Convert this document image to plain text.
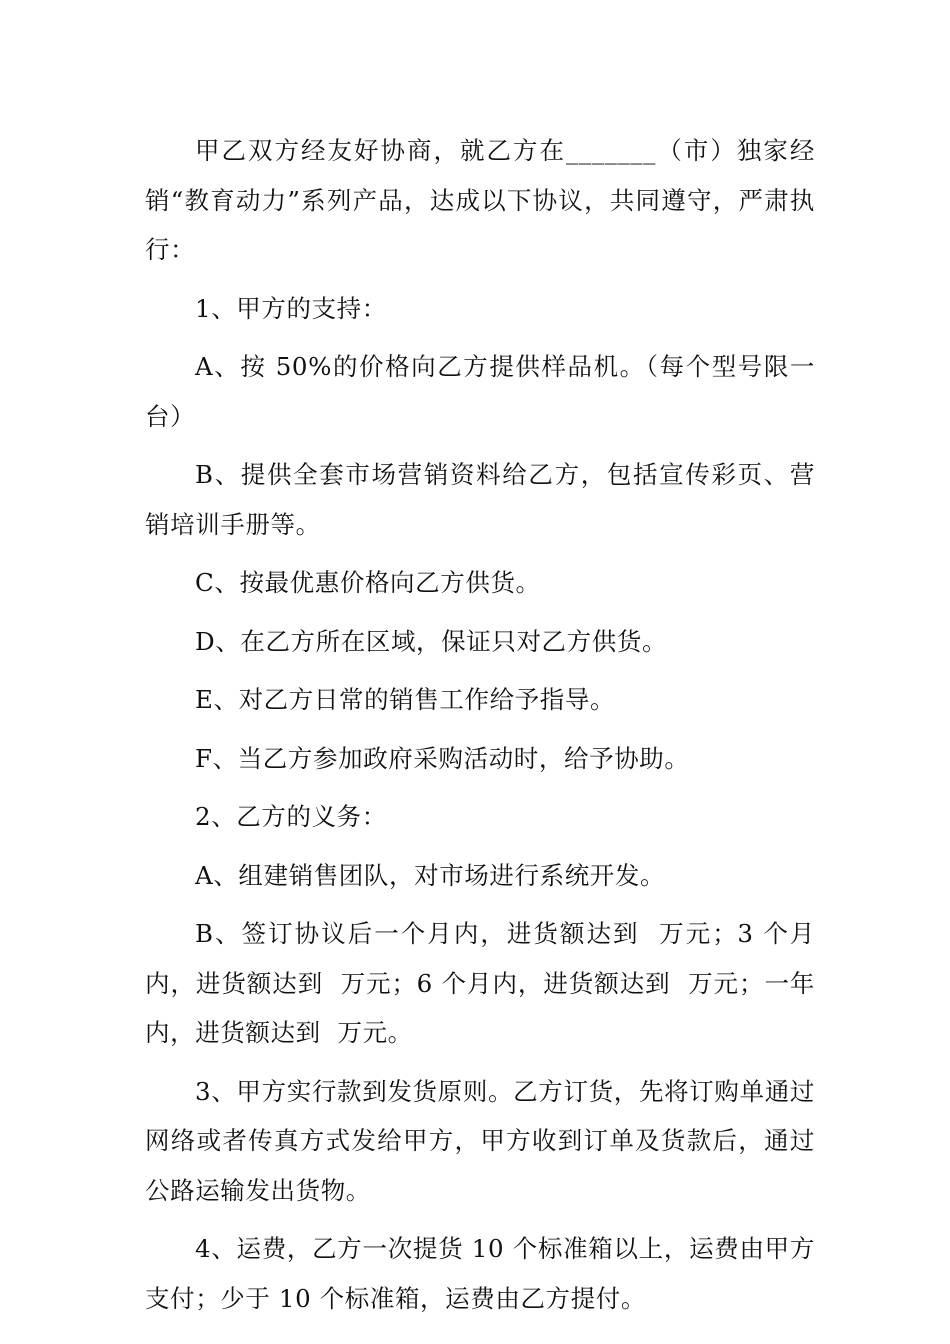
甲乙双方经友好协商，就乙方在_______（市）独家经销“教育动力”系列产品，达成以下协议，共同遵守，严肃执行：

1、甲方的支持：

A、按 50%的价格向乙方提供样品机。（每个型号限一台）

B、提供全套市场营销资料给乙方，包括宣传彩页、营销培训手册等。

C、按最优惠价格向乙方供货。

D、在乙方所在区域，保证只对乙方供货。

E、对乙方日常的销售工作给予指导。

F、当乙方参加政府采购活动时，给予协助。

2、乙方的义务：

A、组建销售团队，对市场进行系统开发。

B、签订协议后一个月内，进货额达到  万元；3 个月内，进货额达到  万元；6 个月内，进货额达到  万元；一年内，进货额达到  万元。

3、甲方实行款到发货原则。乙方订货，先将订购单通过网络或者传真方式发给甲方，甲方收到订单及货款后，通过公路运输发出货物。

4、运费，乙方一次提货 10 个标准箱以上，运费由甲方支付；少于 10 个标准箱，运费由乙方提付。
